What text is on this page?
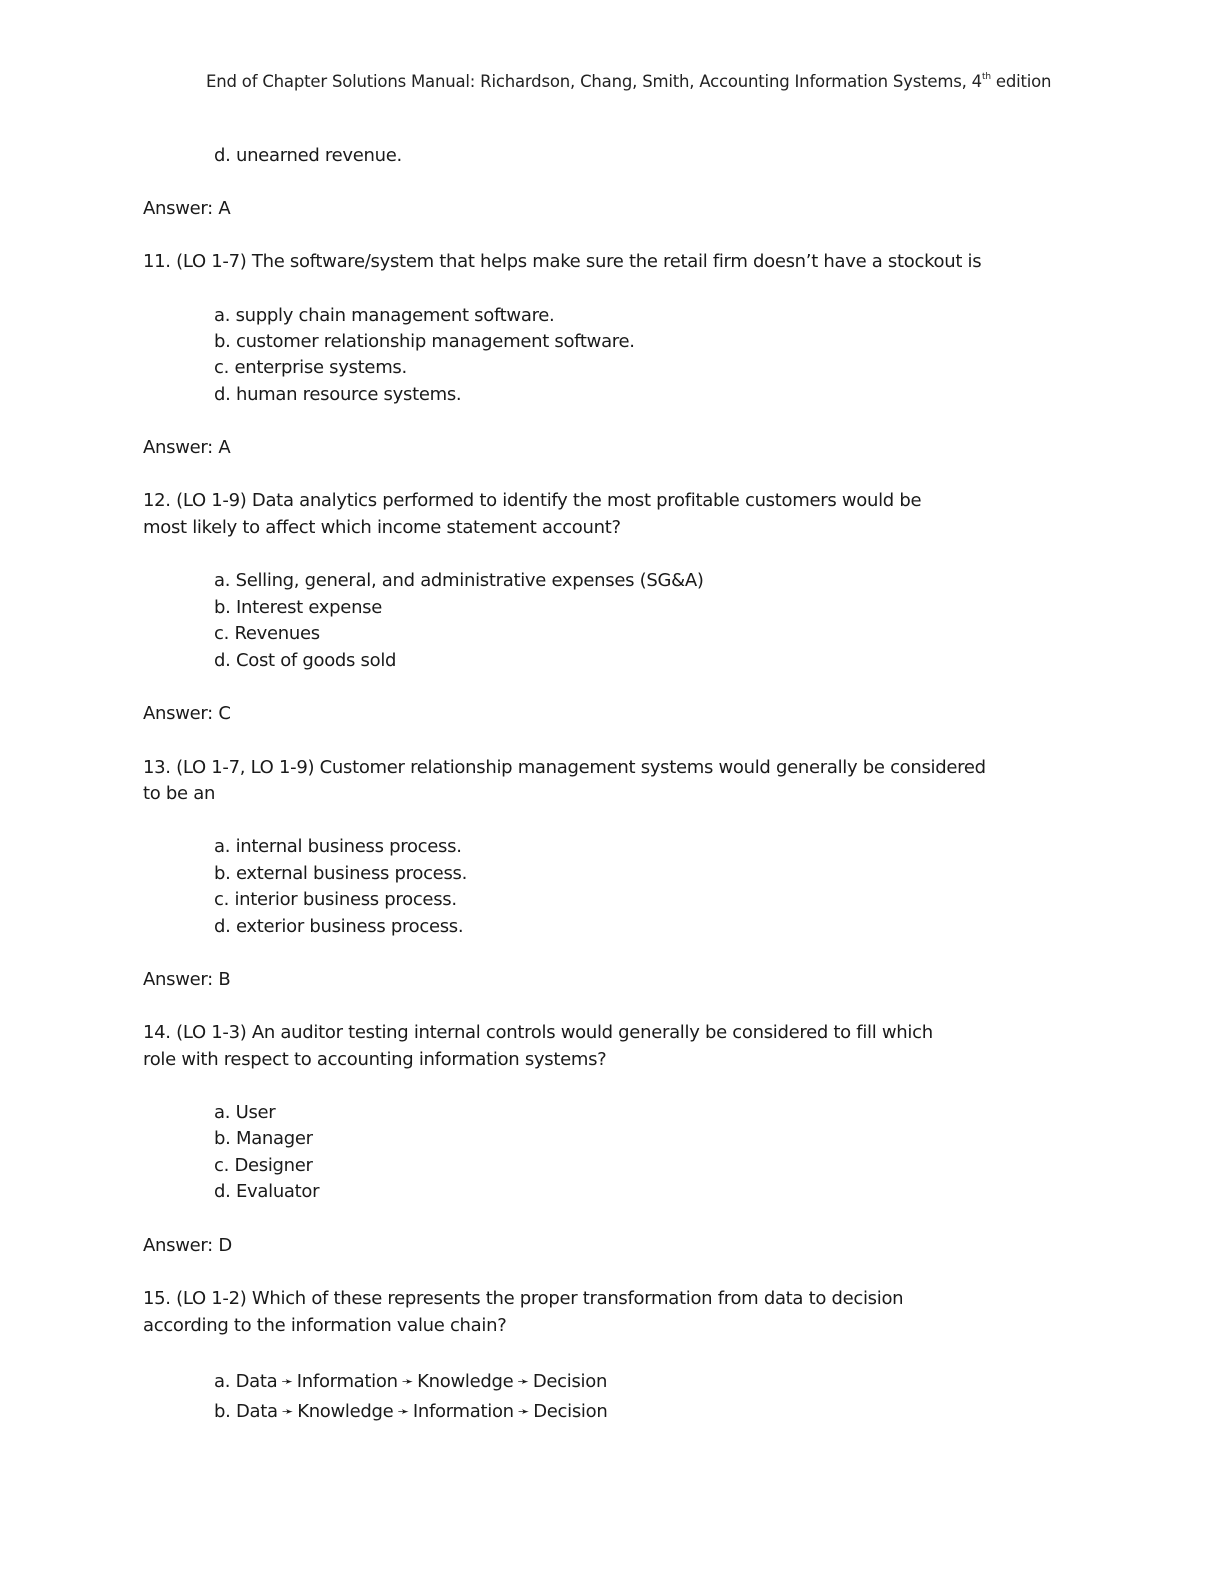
End of Chapter Solutions Manual: Richardson, Chang, Smith, Accounting Information Systems, 4th edition
d. unearned revenue.
Answer: A
11. (LO 1-7) The software/system that helps make sure the retail firm doesn’t have a stockout is
a. supply chain management software.
b. customer relationship management software.
c. enterprise systems.
d. human resource systems.
Answer: A
12. (LO 1-9) Data analytics performed to identify the most profitable customers would be
most likely to affect which income statement account?
a. Selling, general, and administrative expenses (SG&A)
b. Interest expense
c. Revenues
d. Cost of goods sold
Answer: C
13. (LO 1-7, LO 1-9) Customer relationship management systems would generally be considered
to be an
a. internal business process.
b. external business process.
c. interior business process.
d. exterior business process.
Answer: B
14. (LO 1-3) An auditor testing internal controls would generally be considered to fill which
role with respect to accounting information systems?
a. User
b. Manager
c. Designer
d. Evaluator
Answer: D
15. (LO 1-2) Which of these represents the proper transformation from data to decision
according to the information value chain?
a. Data ➛ Information ➛ Knowledge ➛ Decision
b. Data ➛ Knowledge ➛ Information ➛ Decision
